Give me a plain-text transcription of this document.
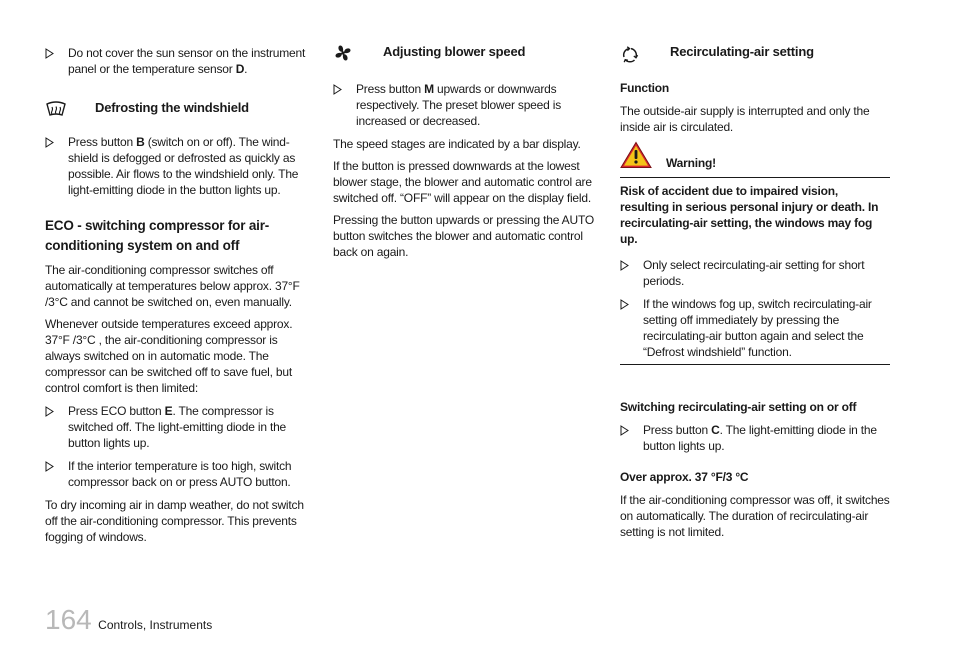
Do not cover the sun sensor on the instrument panel or the temperature sensor D.
Defrosting the windshield
Press button B (switch on or off). The wind-shield is defogged or defrosted as quickly as possible. Air flows to the windshield only. The light-emitting diode in the button lights up.
ECO - switching compressor for air-conditioning system on and off

The air-conditioning compressor switches off automatically at temperatures below approx. 37°F /3°C and cannot be switched on, even manually.

Whenever outside temperatures exceed approx. 37°F /3°C , the air-conditioning compressor is always switched on in automatic mode. The compressor can be switched off to save fuel, but control comfort is then limited:

Press ECO button E. The compressor is switched off. The light-emitting diode in the button lights up.
If the interior temperature is too high, switch compressor back on or press AUTO button.

To dry incoming air in damp weather, do not switch off the air-conditioning compressor. This prevents fogging of windows.

Adjusting blower speed
Press button M upwards or downwards respectively. The preset blower speed is increased or decreased.

The speed stages are indicated by a bar display.

If the button is pressed downwards at the lowest blower stage, the blower and automatic control are switched off. “OFF” will appear on the display field.

Pressing the button upwards or pressing the AUTO button switches the blower and automatic control back on again.

Recirculating-air setting
Function

The outside-air supply is interrupted and only the inside air is circulated.

Warning!

Risk of accident due to impaired vision, resulting in serious personal injury or death. In recirculating-air setting, the windows may fog up.

Only select recirculating-air setting for short periods.
If the windows fog up, switch recirculating-air setting off immediately by pressing the recirculating-air button again and select the “Defrost windshield” function.
Switching recirculating-air setting on or off
Press button C. The light-emitting diode in the button lights up.
Over approx. 37 °F/3 °C

If the air-conditioning compressor was off, it switches on automatically. The duration of recirculating-air setting is not limited.

164 Controls, Instruments
